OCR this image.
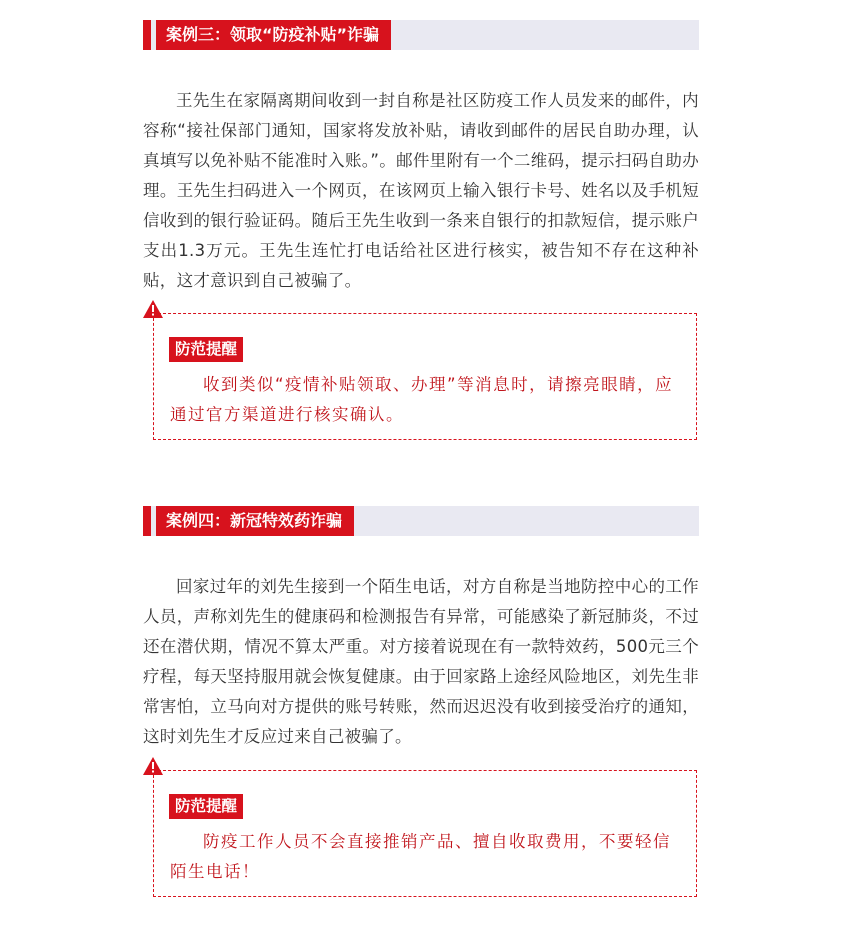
案例三：领取“防疫补贴”诈骗

王先生在家隔离期间收到一封自称是社区防疫工作人员发来的邮件，内容称“接社保部门通知，国家将发放补贴，请收到邮件的居民自助办理，认真填写以免补贴不能准时入账。”。邮件里附有一个二维码，提示扫码自助办理。王先生扫码进入一个网页，在该网页上输入银行卡号、姓名以及手机短信收到的银行验证码。随后王先生收到一条来自银行的扣款短信，提示账户支出1.3万元。王先生连忙打电话给社区进行核实，被告知不存在这种补贴，这才意识到自己被骗了。

防范提醒

收到类似“疫情补贴领取、办理”等消息时，请擦亮眼睛，应通过官方渠道进行核实确认。

案例四：新冠特效药诈骗

回家过年的刘先生接到一个陌生电话，对方自称是当地防控中心的工作人员，声称刘先生的健康码和检测报告有异常，可能感染了新冠肺炎，不过还在潜伏期，情况不算太严重。对方接着说现在有一款特效药，500元三个疗程，每天坚持服用就会恢复健康。由于回家路上途经风险地区，刘先生非常害怕，立马向对方提供的账号转账，然而迟迟没有收到接受治疗的通知，这时刘先生才反应过来自己被骗了。

防范提醒

防疫工作人员不会直接推销产品、擅自收取费用，不要轻信陌生电话！
